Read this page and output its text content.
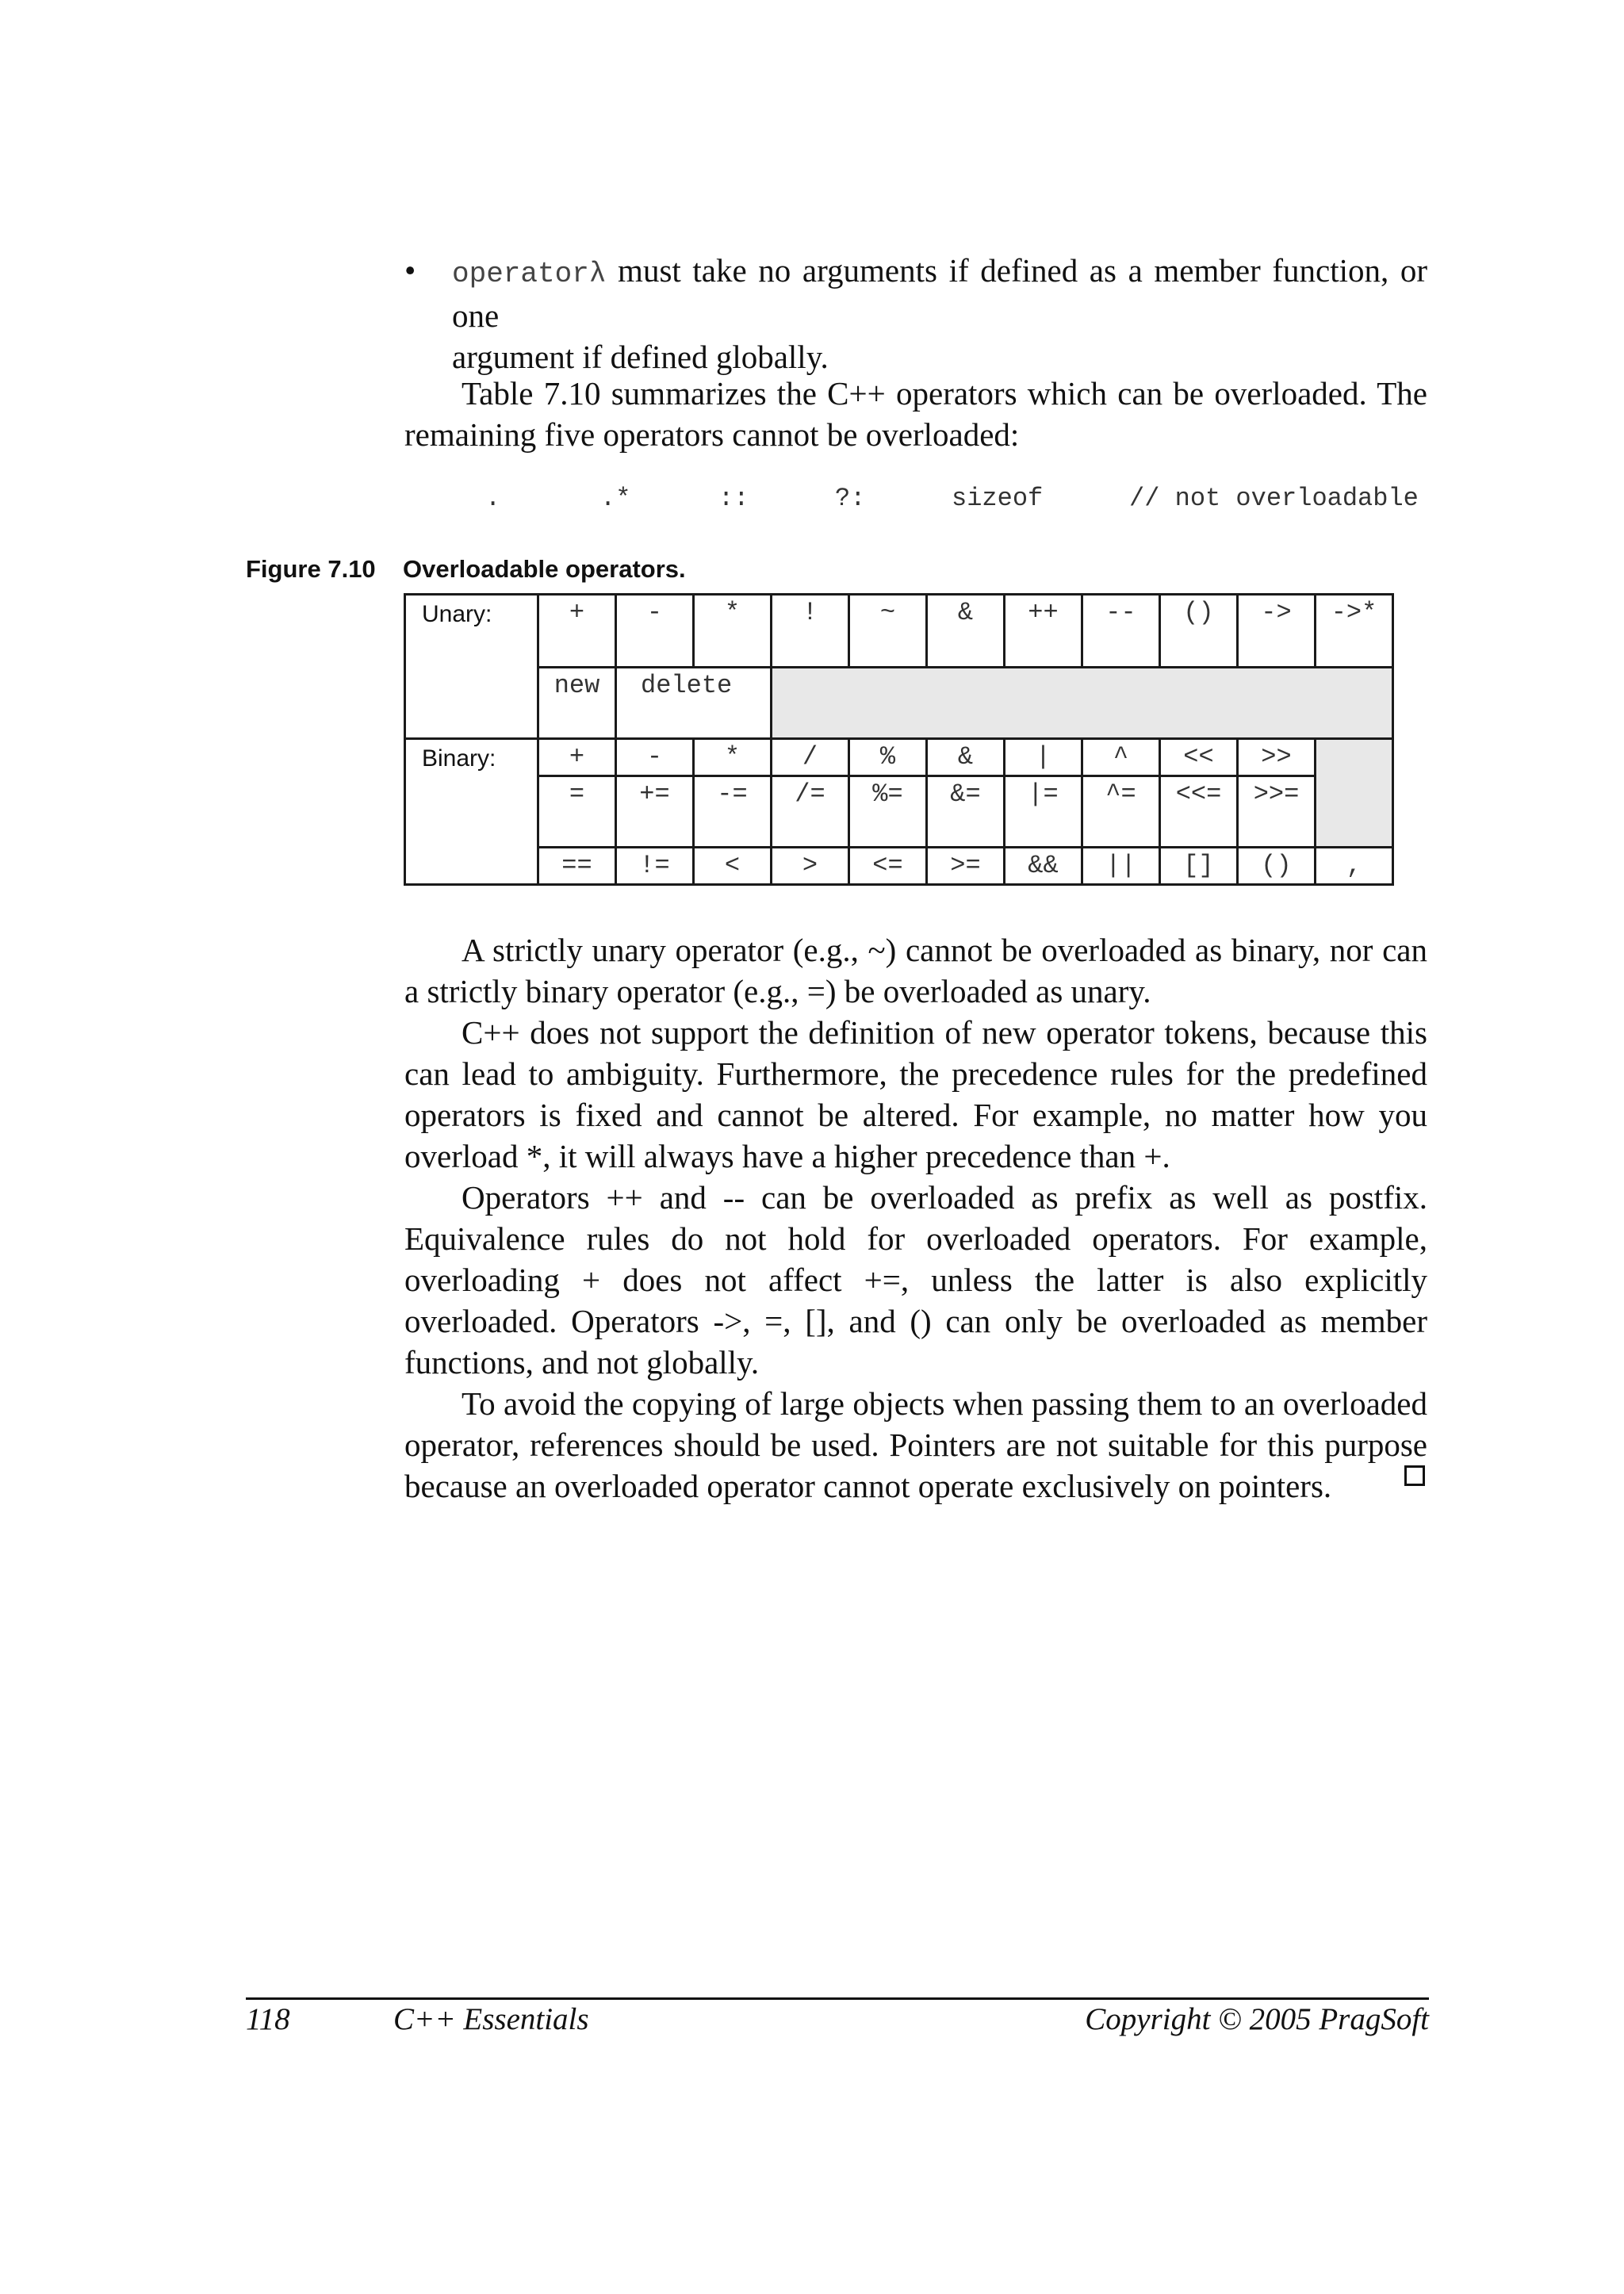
• operatorλ must take no arguments if defined as a member function, or one
argument if defined globally.

Table 7.10 summarizes the C++ operators which can be overloaded. The

remaining five operators cannot be overloaded:

.	.*	::	?:	sizeof	// not overloadable
Figure 7.10 Overloadable operators.
Unary:	+	-	*	!	~	&	++	--	()	->	->*
	new	delete									
Binary:	+	-	*	/	%	&	|	^	<<	>>	
	=	+=	-=	/=	%=	&=	|=	^=	<<=	>>=	
	==	!=	<	>	<=	>=	&&	||	[]	()	,

A strictly unary operator (e.g., ~) cannot be overloaded as binary, nor can a strictly binary operator (e.g., =) be overloaded as unary.

C++ does not support the definition of new operator tokens, because this can lead to ambiguity. Furthermore, the precedence rules for the predefined operators is fixed and cannot be altered. For example, no matter how you overload *, it will always have a higher precedence than +.

Operators ++ and -- can be overloaded as prefix as well as postfix. Equivalence rules do not hold for overloaded operators. For example, overloading + does not affect +=, unless the latter is also explicitly overloaded. Operators ->, =, [], and () can only be overloaded as member functions, and not globally.

To avoid the copying of large objects when passing them to an overloaded operator, references should be used. Pointers are not suitable for this purpose because an overloaded operator cannot operate exclusively on pointers.

118	C++ Essentials	Copyright © 2005 PragSoft
